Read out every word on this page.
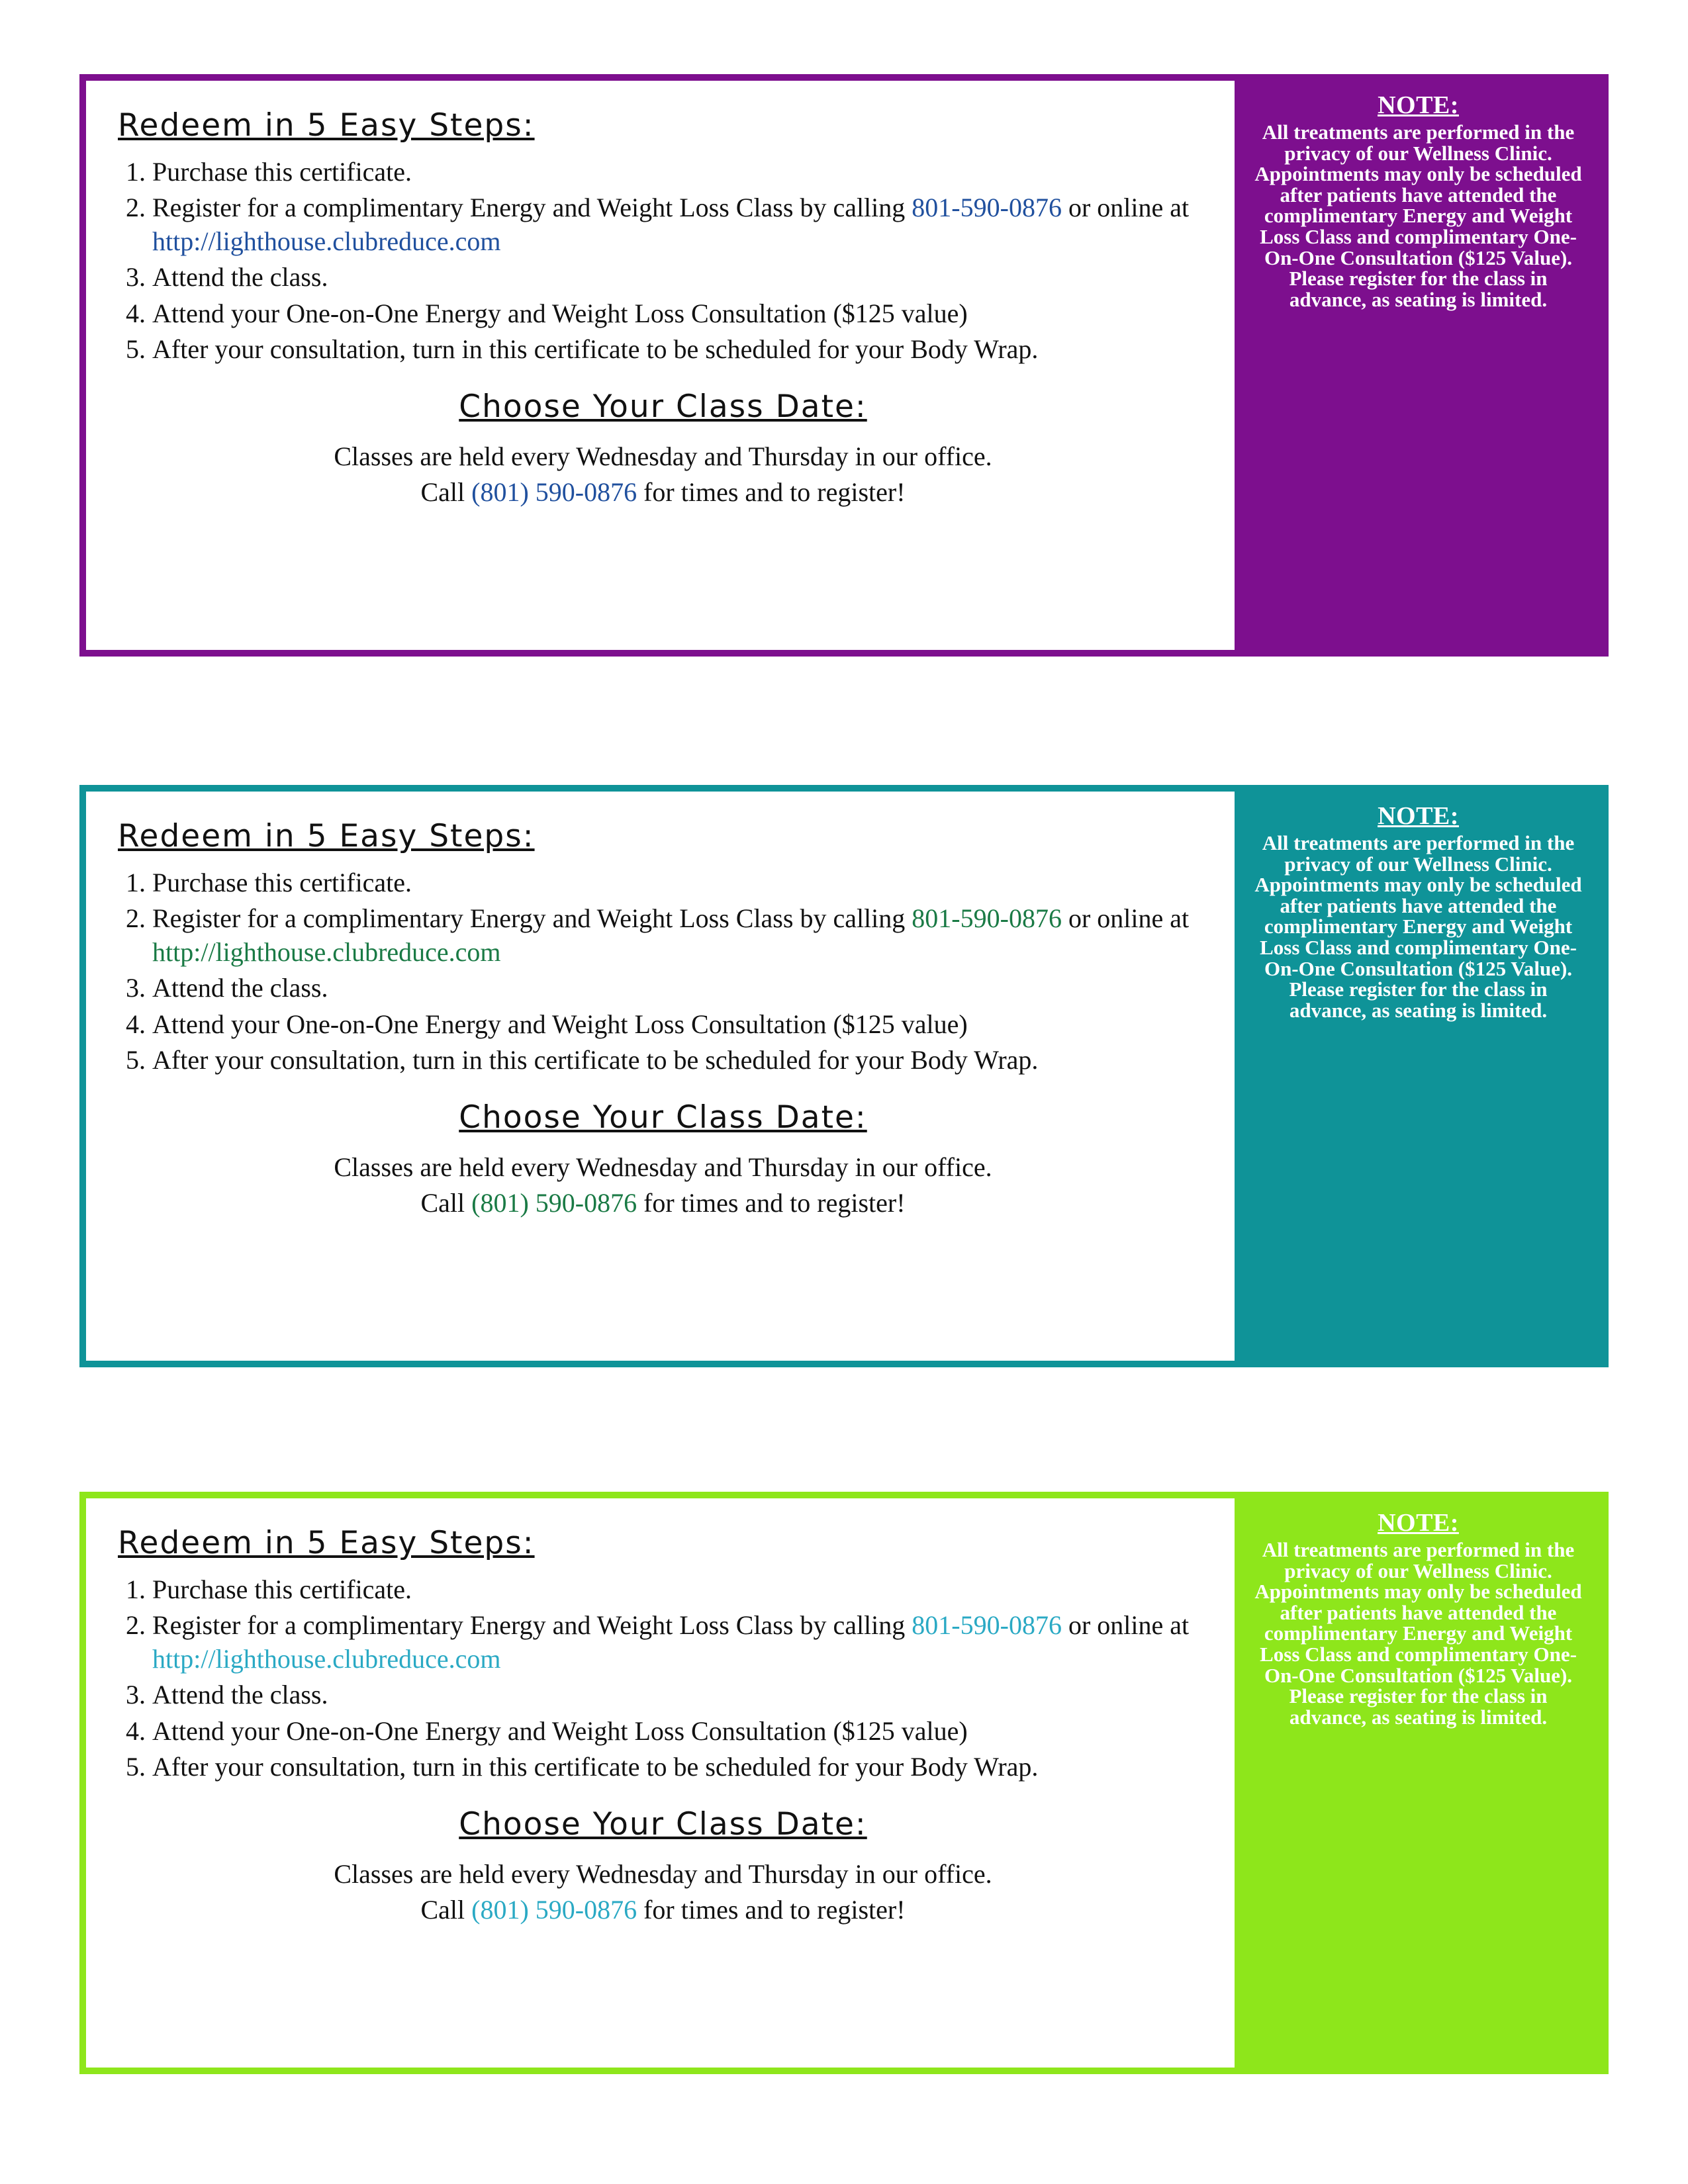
Redeem in 5 Easy Steps:
1. Purchase this certificate.
2. Register for a complimentary Energy and Weight Loss Class by calling 801-590-0876 or online at http://lighthouse.clubreduce.com
3. Attend the class.
4. Attend your One-on-One Energy and Weight Loss Consultation ($125 value)
5. After your consultation, turn in this certificate to be scheduled for your Body Wrap.
Choose Your Class Date:
Classes are held every Wednesday and Thursday in our office.
Call (801) 590-0876 for times and to register!
NOTE:
All treatments are performed in the privacy of our Wellness Clinic. Appointments may only be scheduled after patients have attended the complimentary Energy and Weight Loss Class and complimentary One-On-One Consultation ($125 Value). Please register for the class in advance, as seating is limited.
Redeem in 5 Easy Steps:
1. Purchase this certificate.
2. Register for a complimentary Energy and Weight Loss Class by calling 801-590-0876 or online at http://lighthouse.clubreduce.com
3. Attend the class.
4. Attend your One-on-One Energy and Weight Loss Consultation ($125 value)
5. After your consultation, turn in this certificate to be scheduled for your Body Wrap.
Choose Your Class Date:
Classes are held every Wednesday and Thursday in our office.
Call (801) 590-0876 for times and to register!
NOTE:
All treatments are performed in the privacy of our Wellness Clinic. Appointments may only be scheduled after patients have attended the complimentary Energy and Weight Loss Class and complimentary One-On-One Consultation ($125 Value). Please register for the class in advance, as seating is limited.
Redeem in 5 Easy Steps:
1. Purchase this certificate.
2. Register for a complimentary Energy and Weight Loss Class by calling 801-590-0876 or online at http://lighthouse.clubreduce.com
3. Attend the class.
4. Attend your One-on-One Energy and Weight Loss Consultation ($125 value)
5. After your consultation, turn in this certificate to be scheduled for your Body Wrap.
Choose Your Class Date:
Classes are held every Wednesday and Thursday in our office.
Call (801) 590-0876 for times and to register!
NOTE:
All treatments are performed in the privacy of our Wellness Clinic. Appointments may only be scheduled after patients have attended the complimentary Energy and Weight Loss Class and complimentary One-On-One Consultation ($125 Value). Please register for the class in advance, as seating is limited.
